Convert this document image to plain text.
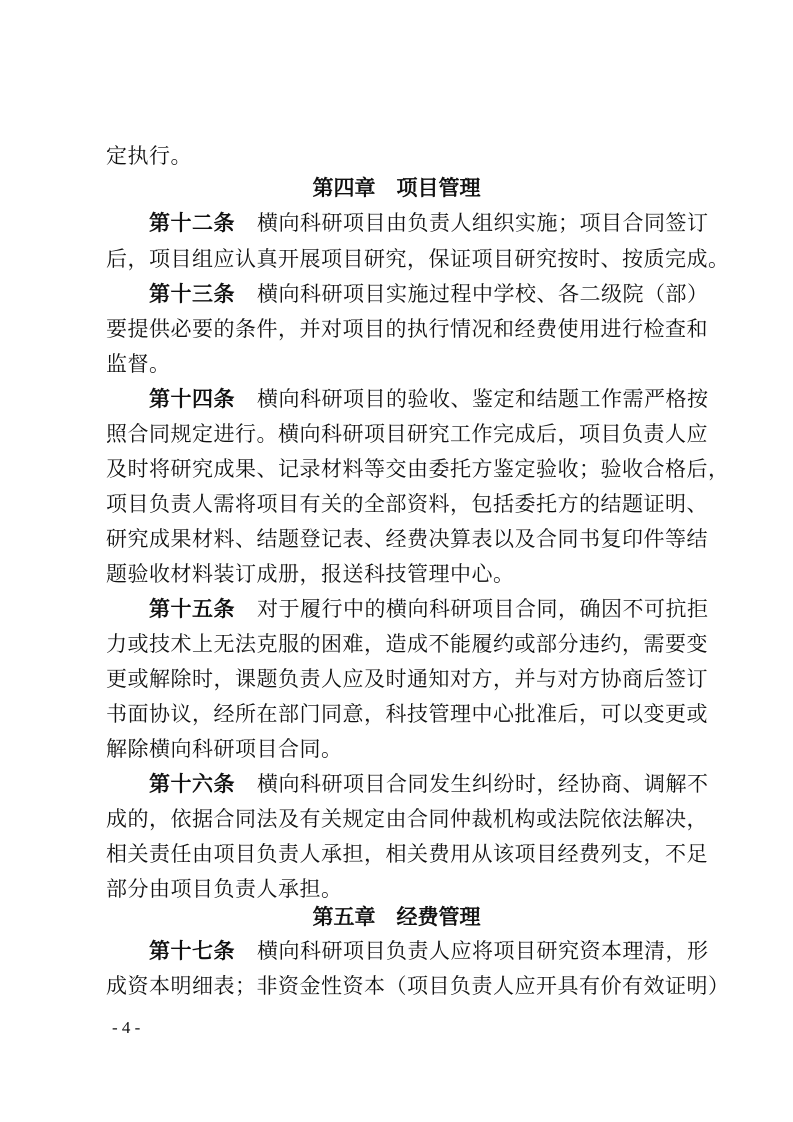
定执行。
第四章　项目管理
第十二条 横向科研项目由负责人组织实施；项目合同签订
后，项目组应认真开展项目研究，保证项目研究按时、按质完成。
第十三条 横向科研项目实施过程中学校、各二级院（部）
要提供必要的条件，并对项目的执行情况和经费使用进行检查和
监督。
第十四条 横向科研项目的验收、鉴定和结题工作需严格按
照合同规定进行。横向科研项目研究工作完成后，项目负责人应
及时将研究成果、记录材料等交由委托方鉴定验收；验收合格后，
项目负责人需将项目有关的全部资料，包括委托方的结题证明、
研究成果材料、结题登记表、经费决算表以及合同书复印件等结
题验收材料装订成册，报送科技管理中心。
第十五条 对于履行中的横向科研项目合同，确因不可抗拒
力或技术上无法克服的困难，造成不能履约或部分违约，需要变
更或解除时，课题负责人应及时通知对方，并与对方协商后签订
书面协议，经所在部门同意，科技管理中心批准后，可以变更或
解除横向科研项目合同。
第十六条 横向科研项目合同发生纠纷时，经协商、调解不
成的，依据合同法及有关规定由合同仲裁机构或法院依法解决，
相关责任由项目负责人承担，相关费用从该项目经费列支，不足
部分由项目负责人承担。
第五章　经费管理
第十七条 横向科研项目负责人应将项目研究资本理清，形
成资本明细表；非资金性资本（项目负责人应开具有价有效证明）
- 4 -
